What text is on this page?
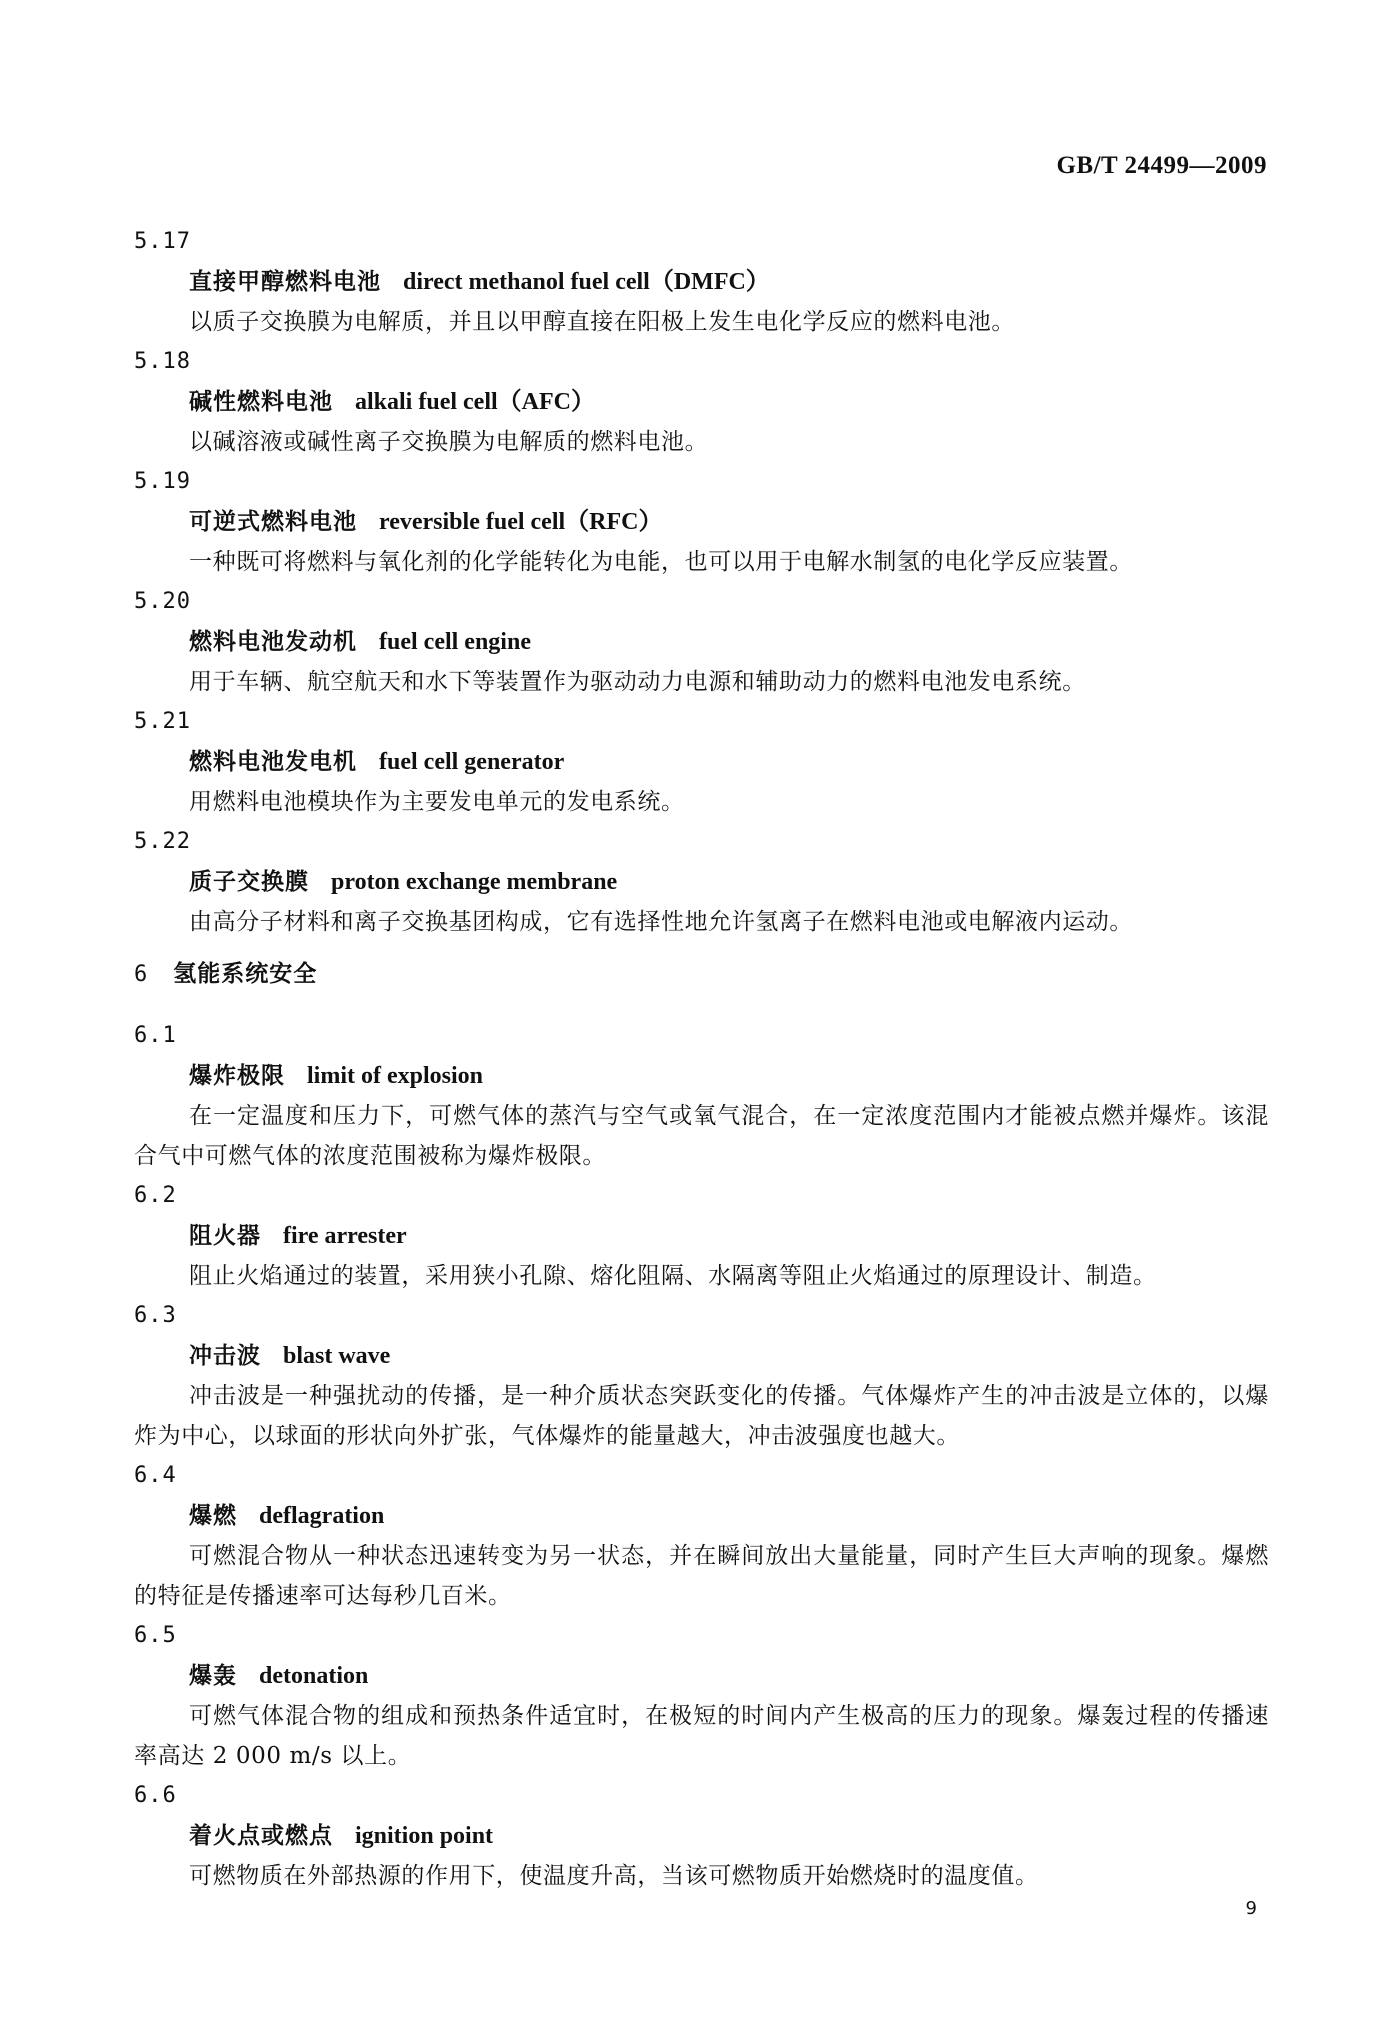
GB/T 24499—2009
5.17
直接甲醇燃料电池 direct methanol fuel cell（DMFC）
以质子交换膜为电解质，并且以甲醇直接在阳极上发生电化学反应的燃料电池。
5.18
碱性燃料电池 alkali fuel cell（AFC）
以碱溶液或碱性离子交换膜为电解质的燃料电池。
5.19
可逆式燃料电池 reversible fuel cell（RFC）
一种既可将燃料与氧化剂的化学能转化为电能，也可以用于电解水制氢的电化学反应装置。
5.20
燃料电池发动机 fuel cell engine
用于车辆、航空航天和水下等装置作为驱动动力电源和辅助动力的燃料电池发电系统。
5.21
燃料电池发电机 fuel cell generator
用燃料电池模块作为主要发电单元的发电系统。
5.22
质子交换膜 proton exchange membrane
由高分子材料和离子交换基团构成，它有选择性地允许氢离子在燃料电池或电解液内运动。
6 氢能系统安全
6.1
爆炸极限 limit of explosion
在一定温度和压力下，可燃气体的蒸汽与空气或氧气混合，在一定浓度范围内才能被点燃并爆炸。该混合气中可燃气体的浓度范围被称为爆炸极限。
6.2
阻火器 fire arrester
阻止火焰通过的装置，采用狭小孔隙、熔化阻隔、水隔离等阻止火焰通过的原理设计、制造。
6.3
冲击波 blast wave
冲击波是一种强扰动的传播，是一种介质状态突跃变化的传播。气体爆炸产生的冲击波是立体的，以爆炸为中心，以球面的形状向外扩张，气体爆炸的能量越大，冲击波强度也越大。
6.4
爆燃 deflagration
可燃混合物从一种状态迅速转变为另一状态，并在瞬间放出大量能量，同时产生巨大声响的现象。爆燃的特征是传播速率可达每秒几百米。
6.5
爆轰 detonation
可燃气体混合物的组成和预热条件适宜时，在极短的时间内产生极高的压力的现象。爆轰过程的传播速率高达 2 000 m/s 以上。
6.6
着火点或燃点 ignition point
可燃物质在外部热源的作用下，使温度升高，当该可燃物质开始燃烧时的温度值。
9
